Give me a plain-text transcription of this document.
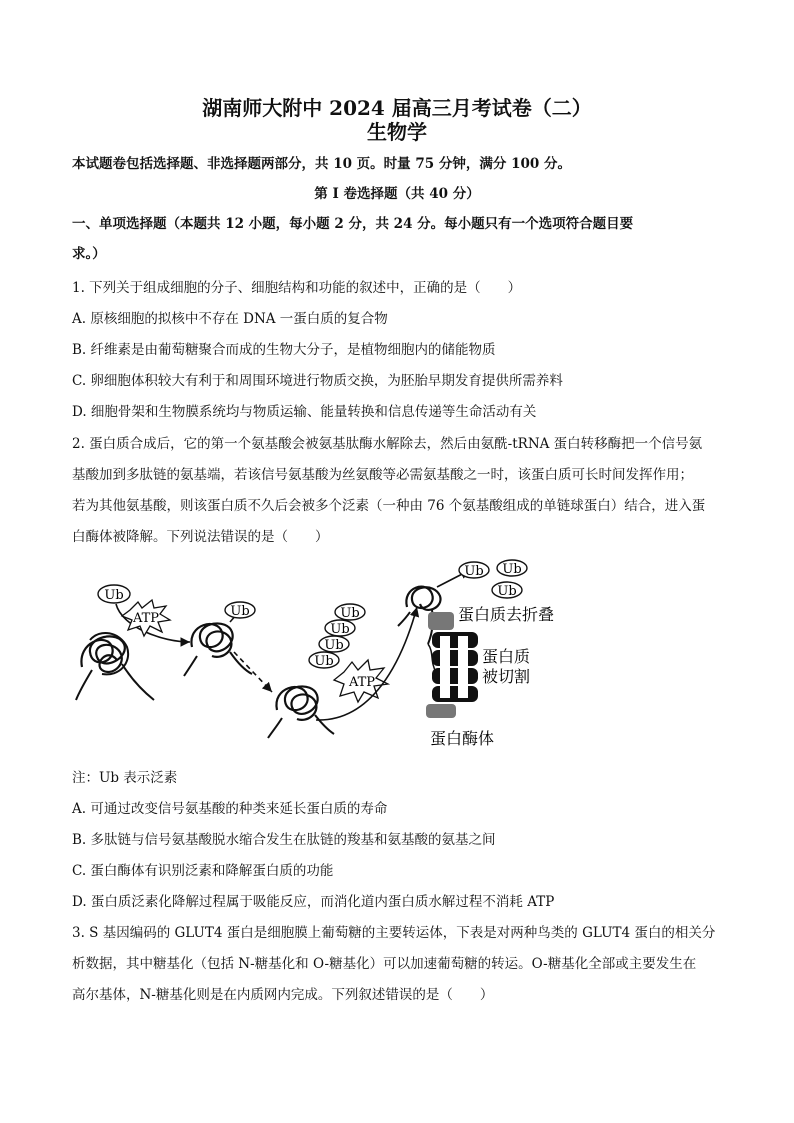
湖南师大附中 2024 届高三月考试卷（二）
生物学
本试题卷包括选择题、非选择题两部分，共 10 页。时量 75 分钟，满分 100 分。
第 I 卷选择题（共 40 分）
一、单项选择题（本题共 12 小题，每小题 2 分，共 24 分。每小题只有一个选项符合题目要
求。）
1. 下列关于组成细胞的分子、细胞结构和功能的叙述中，正确的是（　　）
A. 原核细胞的拟核中不存在 DNA 一蛋白质的复合物
B. 纤维素是由葡萄糖聚合而成的生物大分子，是植物细胞内的储能物质
C. 卵细胞体积较大有利于和周围环境进行物质交换，为胚胎早期发育提供所需养料
D. 细胞骨架和生物膜系统均与物质运输、能量转换和信息传递等生命活动有关
2. 蛋白质合成后，它的第一个氨基酸会被氨基肽酶水解除去，然后由氨酰-tRNA 蛋白转移酶把一个信号氨
基酸加到多肽链的氨基端，若该信号氨基酸为丝氨酸等必需氨基酸之一时，该蛋白质可长时间发挥作用；
若为其他氨基酸，则该蛋白质不久后会被多个泛素（一种由 76 个氨基酸组成的单链球蛋白）结合，进入蛋
白酶体被降解。下列说法错误的是（　　）
Ub
ATP	Ub
Ub
Ub
Ub
Ub
ATP
Ub Ub
Ub
蛋白质去折叠
蛋白质
被切割
蛋白酶体
注：Ub 表示泛素
A. 可通过改变信号氨基酸的种类来延长蛋白质的寿命
B. 多肽链与信号氨基酸脱水缩合发生在肽链的羧基和氨基酸的氨基之间
C. 蛋白酶体有识别泛素和降解蛋白质的功能
D. 蛋白质泛素化降解过程属于吸能反应，而消化道内蛋白质水解过程不消耗 ATP
3. S 基因编码的 GLUT4 蛋白是细胞膜上葡萄糖的主要转运体，下表是对两种鸟类的 GLUT4 蛋白的相关分
析数据，其中糖基化（包括 N-糖基化和 O-糖基化）可以加速葡萄糖的转运。O-糖基化全部或主要发生在
高尔基体，N-糖基化则是在内质网内完成。下列叙述错误的是（　　）
